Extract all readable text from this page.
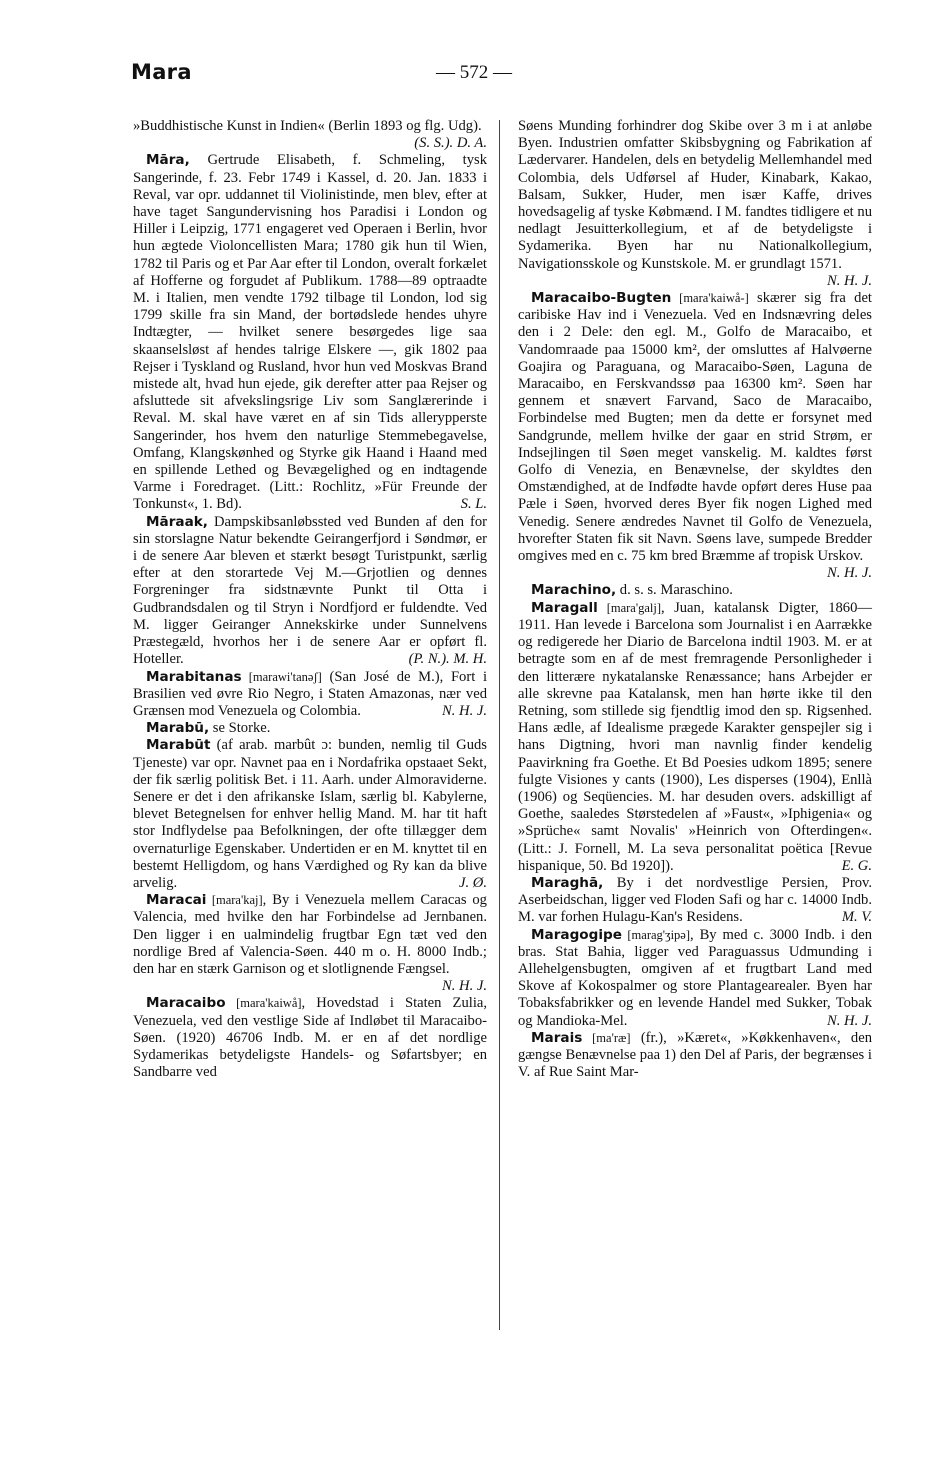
Mara	— 572 —

»Buddhistische Kunst in Indien« (Berlin 1893 og flg. Udg).
(S. S.). D. A.

Māra, Gertrude Elisabeth, f. Schmeling, tysk Sangerinde, f. 23. Febr 1749 i Kassel, d. 20. Jan. 1833 i Reval, var opr. uddannet til Violinistinde, men blev, efter at have taget Sangundervisning hos Paradisi i London og Hiller i Leipzig, 1771 engageret ved Operaen i Berlin, hvor hun ægtede Violoncellisten Mara; 1780 gik hun til Wien, 1782 til Paris og et Par Aar efter til London, overalt forkælet af Hofferne og forgudet af Publikum. 1788—89 optraadte M. i Italien, men vendte 1792 tilbage til London, lod sig 1799 skille fra sin Mand, der bortødslede hendes uhyre Indtægter, — hvilket senere besørgedes lige saa skaanselsløst af hendes talrige Elskere —, gik 1802 paa Rejser i Tyskland og Rusland, hvor hun ved Moskvas Brand mistede alt, hvad hun ejede, gik derefter atter paa Rejser og afsluttede sit afvekslingsrige Liv som Sanglærerinde i Reval. M. skal have været en af sin Tids allerypperste Sangerinder, hos hvem den naturlige Stemmebegavelse, Omfang, Klangskønhed og Styrke gik Haand i Haand med en spillende Lethed og Bevægelighed og en indtagende Varme i Foredraget. (Litt.: Rochlitz, »Für Freunde der Tonkunst«, 1. Bd).	S. L.

Māraak, Dampskibsanløbssted ved Bunden af den for sin storslagne Natur bekendte Geirangerfjord i Søndmør, er i de senere Aar bleven et stærkt besøgt Turistpunkt, særlig efter at den storartede Vej M.—Grjotlien og dennes Forgreninger fra sidstnævnte Punkt til Otta i Gudbrandsdalen og til Stryn i Nordfjord er fuldendte. Ved M. ligger Geiranger Annekskirke under Sunnelvens Præstegæld, hvorhos her i de senere Aar er opført fl. Hoteller.	(P. N.). M. H.

Marabitanas [marawi'tanəʃ] (San José de M.), Fort i Brasilien ved øvre Rio Negro, i Staten Amazonas, nær ved Grænsen mod Venezuela og Colombia.	N. H. J.

Marabū, se Storke.

Marabūt (af arab. marbût ɔ: bunden, nemlig til Guds Tjeneste) var opr. Navnet paa en i Nordafrika opstaaet Sekt, der fik særlig politisk Bet. i 11. Aarh. under Almoraviderne. Senere er det i den afrikanske Islam, særlig bl. Kabylerne, blevet Betegnelsen for enhver hellig Mand. M. har tit haft stor Indflydelse paa Befolkningen, der ofte tillægger dem overnaturlige Egenskaber. Undertiden er en M. knyttet til en bestemt Helligdom, og hans Værdighed og Ry kan da blive arvelig.	J. Ø.

Maracai [mara'kaj], By i Venezuela mellem Caracas og Valencia, med hvilke den har Forbindelse ad Jernbanen. Den ligger i en ualmindelig frugtbar Egn tæt ved den nordlige Bred af Valencia-Søen. 440 m o. H. 8000 Indb.; den har en stærk Garnison og et slotlignende Fængsel.
N. H. J.

Maracaibo [mara'kaiwå], Hovedstad i Staten Zulia, Venezuela, ved den vestlige Side af Indløbet til Maracaibo-Søen. (1920) 46706 Indb. M. er en af det nordlige Sydamerikas betydeligste Handels- og Søfartsbyer; en Sandbarre ved

Søens Munding forhindrer dog Skibe over 3 m i at anløbe Byen. Industrien omfatter Skibsbygning og Fabrikation af Lædervarer. Handelen, dels en betydelig Mellemhandel med Colombia, dels Udførsel af Huder, Kinabark, Kakao, Balsam, Sukker, Huder, men især Kaffe, drives hovedsagelig af tyske Købmænd. I M. fandtes tidligere et nu nedlagt Jesuitterkollegium, et af de betydeligste i Sydamerika. Byen har nu Nationalkollegium, Navigationsskole og Kunstskole. M. er grundlagt 1571.
N. H. J.

Maracaibo-Bugten [mara'kaiwå-] skærer sig fra det caribiske Hav ind i Venezuela. Ved en Indsnævring deles den i 2 Dele: den egl. M., Golfo de Maracaibo, et Vandomraade paa 15000 km², der omsluttes af Halvøerne Goajira og Paraguana, og Maracaibo-Søen, Laguna de Maracaibo, en Ferskvandssø paa 16300 km². Søen har gennem et snævert Farvand, Saco de Maracaibo, Forbindelse med Bugten; men da dette er forsynet med Sandgrunde, mellem hvilke der gaar en strid Strøm, er Indsejlingen til Søen meget vanskelig. M. kaldtes først Golfo di Venezia, en Benævnelse, der skyldtes den Omstændighed, at de Indfødte havde opført deres Huse paa Pæle i Søen, hvorved deres Byer fik nogen Lighed med Venedig. Senere ændredes Navnet til Golfo de Venezuela, hvorefter Staten fik sit Navn. Søens lave, sumpede Bredder omgives med en c. 75 km bred Bræmme af tropisk Urskov.
N. H. J.

Marachino, d. s. s. Maraschino.

Maragall [mara'galj], Juan, katalansk Digter, 1860—1911. Han levede i Barcelona som Journalist i en Aarrække og redigerede her Diario de Barcelona indtil 1903. M. er at betragte som en af de mest fremragende Personligheder i den litterære nykatalanske Renæssance; hans Arbejder er alle skrevne paa Katalansk, men han hørte ikke til den Retning, som stillede sig fjendtlig imod den sp. Rigsenhed. Hans ædle, af Idealisme prægede Karakter genspejler sig i hans Digtning, hvori man navnlig finder kendelig Paavirkning fra Goethe. Et Bd Poesies udkom 1895; senere fulgte Visiones y cants (1900), Les disperses (1904), Enllà (1906) og Seqüencies. M. har desuden overs. adskilligt af Goethe, saaledes Størstedelen af »Faust«, »Iphigenia« og »Sprüche« samt Novalis' »Heinrich von Ofterdingen«. (Litt.: J. Fornell, M. La seva personalitat poëtica [Revue hispanique, 50. Bd 1920]).	E. G.

Maraghā, By i det nordvestlige Persien, Prov. Aserbeidschan, ligger ved Floden Safi og har c. 14000 Indb. M. var forhen Hulagu-Kan's Residens.	M. V.

Maragogipe [marag'ʒipə], By med c. 3000 Indb. i den bras. Stat Bahia, ligger ved Paraguassus Udmunding i Allehelgensbugten, omgiven af et frugtbart Land med Skove af Kokospalmer og store Plantagearealer. Byen har Tobaksfabrikker og en levende Handel med Sukker, Tobak og Mandioka-Mel.	N. H. J.

Marais [ma'ræ] (fr.), »Kæret«, »Køkkenhaven«, den gængse Benævnelse paa 1) den Del af Paris, der begrænses i V. af Rue Saint Mar-
